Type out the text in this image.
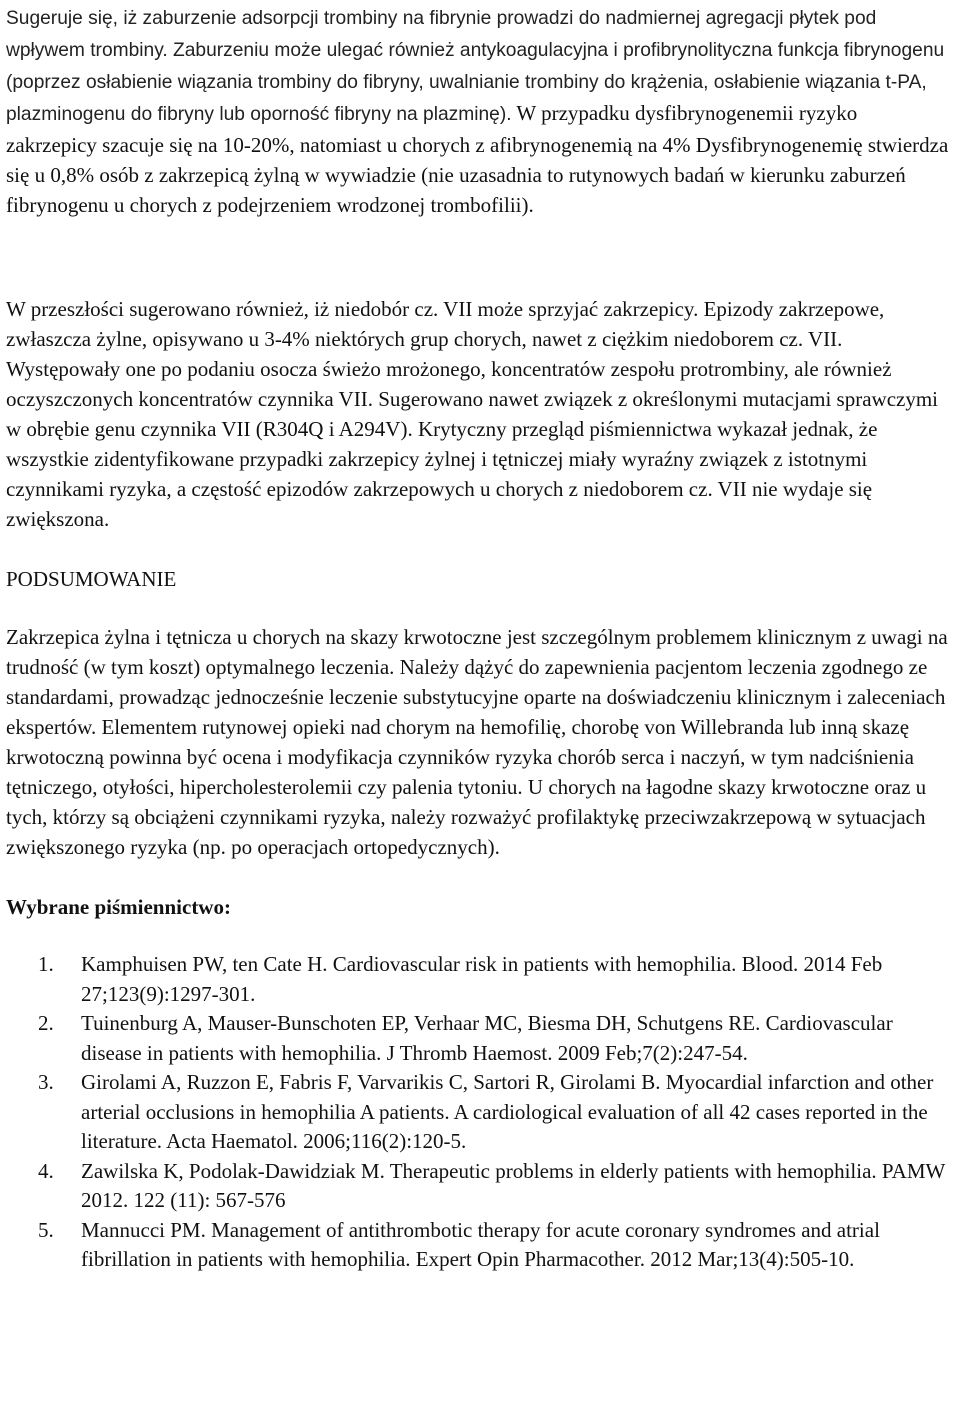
Sugeruje się, iż zaburzenie adsorpcji trombiny na fibrynie prowadzi do nadmiernej agregacji płytek pod wpływem trombiny. Zaburzeniu może ulegać również antykoagulacyjna i profibrynolityczna funkcja fibrynogenu (poprzez osłabienie wiązania trombiny do fibryny, uwalnianie trombiny do krążenia, osłabienie wiązania t-PA, plazminogenu do fibryny lub oporność fibryny na plazminę). W przypadku dysfibrynogenemii ryzyko zakrzepicy szacuje się na 10-20%, natomiast u chorych z afibrynogenemią na 4% Dysfibrynogenemię stwierdza się u 0,8% osób z zakrzepicą żylną w wywiadzie (nie uzasadnia to rutynowych badań w kierunku zaburzeń fibrynogenu u chorych z podejrzeniem wrodzonej trombofilii).

W przeszłości sugerowano również, iż niedobór cz. VII może sprzyjać zakrzepicy. Epizody zakrzepowe, zwłaszcza żylne, opisywano u 3-4% niektórych grup chorych, nawet z ciężkim niedoborem cz. VII. Występowały one po podaniu osocza świeżo mrożonego, koncentratów zespołu protrombiny, ale również oczyszczonych koncentratów czynnika VII. Sugerowano nawet związek z określonymi mutacjami sprawczymi w obrębie genu czynnika VII (R304Q i A294V). Krytyczny przegląd piśmiennictwa wykazał jednak, że wszystkie zidentyfikowane przypadki zakrzepicy żylnej i tętniczej miały wyraźny związek z istotnymi czynnikami ryzyka, a częstość epizodów zakrzepowych u chorych z niedoborem cz. VII nie wydaje się zwiększona.

PODSUMOWANIE

Zakrzepica żylna i tętnicza u chorych na skazy krwotoczne jest szczególnym problemem klinicznym z uwagi na trudność (w tym koszt) optymalnego leczenia. Należy dążyć do zapewnienia pacjentom leczenia zgodnego ze standardami, prowadząc jednocześnie leczenie substytucyjne oparte na doświadczeniu klinicznym i zaleceniach ekspertów. Elementem rutynowej opieki nad chorym na hemofilię, chorobę von Willebranda lub inną skazę krwotoczną powinna być ocena i modyfikacja czynników ryzyka chorób serca i naczyń, w tym nadciśnienia tętniczego, otyłości, hipercholesterolemii czy palenia tytoniu. U chorych na łagodne skazy krwotoczne oraz u tych, którzy są obciążeni czynnikami ryzyka, należy rozważyć profilaktykę przeciwzakrzepową w sytuacjach zwiększonego ryzyka (np. po operacjach ortopedycznych).

Wybrane piśmiennictwo:
1. Kamphuisen PW, ten Cate H. Cardiovascular risk in patients with hemophilia. Blood. 2014 Feb 27;123(9):1297-301.
2. Tuinenburg A, Mauser-Bunschoten EP, Verhaar MC, Biesma DH, Schutgens RE. Cardiovascular disease in patients with hemophilia. J Thromb Haemost. 2009 Feb;7(2):247-54.
3. Girolami A, Ruzzon E, Fabris F, Varvarikis C, Sartori R, Girolami B. Myocardial infarction and other arterial occlusions in hemophilia A patients. A cardiological evaluation of all 42 cases reported in the literature. Acta Haematol. 2006;116(2):120-5.
4. Zawilska K, Podolak-Dawidziak M. Therapeutic problems in elderly patients with hemophilia. PAMW 2012. 122 (11): 567-576
5. Mannucci PM. Management of antithrombotic therapy for acute coronary syndromes and atrial fibrillation in patients with hemophilia. Expert Opin Pharmacother. 2012 Mar;13(4):505-10.
